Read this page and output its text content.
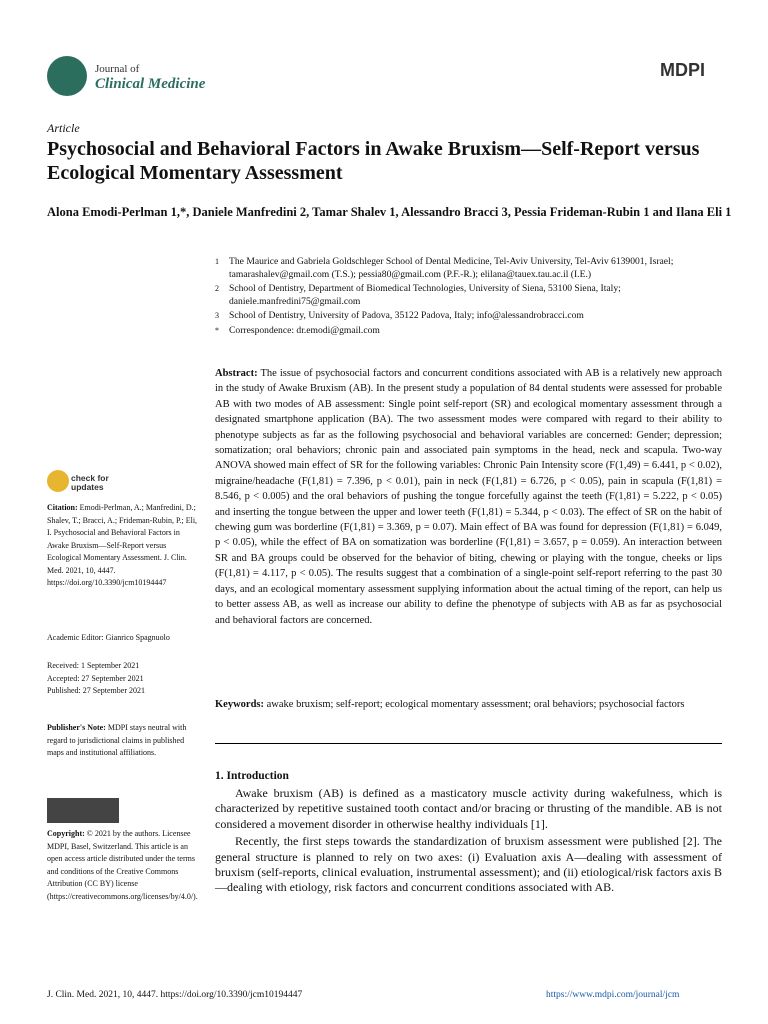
Journal of
Clinical Medicine
MDPI
Article
Psychosocial and Behavioral Factors in Awake Bruxism—Self-Report versus Ecological Momentary Assessment
Alona Emodi-Perlman 1,*, Daniele Manfredini 2, Tamar Shalev 1, Alessandro Bracci 3, Pessia Frideman-Rubin 1 and Ilana Eli 1
1	The Maurice and Gabriela Goldschleger School of Dental Medicine, Tel-Aviv University, Tel-Aviv 6139001, Israel; tamarashalev@gmail.com (T.S.); pessia80@gmail.com (P.F.-R.); elilana@tauex.tau.ac.il (I.E.)
2	School of Dentistry, Department of Biomedical Technologies, University of Siena, 53100 Siena, Italy; daniele.manfredini75@gmail.com
3	School of Dentistry, University of Padova, 35122 Padova, Italy; info@alessandrobracci.com
*	Correspondence: dr.emodi@gmail.com
Abstract: The issue of psychosocial factors and concurrent conditions associated with AB is a relatively new approach in the study of Awake Bruxism (AB). In the present study a population of 84 dental students were assessed for probable AB with two modes of AB assessment: Single point self-report (SR) and ecological momentary assessment through a designated smartphone application (BA). The two assessment modes were compared with regard to their ability to phenotype subjects as far as the following psychosocial and behavioral variables are concerned: Gender; depression; somatization; oral behaviors; chronic pain and associated pain symptoms in the head, neck and scapula. Two-way ANOVA showed main effect of SR for the following variables: Chronic Pain Intensity score (F(1,49) = 6.441, p < 0.02), migraine/headache (F(1,81) = 7.396, p < 0.01), pain in neck (F(1,81) = 6.726, p < 0.05), pain in scapula (F(1,81) = 8.546, p < 0.005) and the oral behaviors of pushing the tongue forcefully against the teeth (F(1,81) = 5.222, p < 0.05) and inserting the tongue between the upper and lower teeth (F(1,81) = 5.344, p < 0.03). The effect of SR on the habit of chewing gum was borderline (F(1,81) = 3.369, p = 0.07). Main effect of BA was found for depression (F(1,81) = 6.049, p < 0.05), while the effect of BA on somatization was borderline (F(1,81) = 3.657, p = 0.059). An interaction between SR and BA groups could be observed for the behavior of biting, chewing or playing with the tongue, cheeks or lips (F(1,81) = 4.117, p < 0.05). The results suggest that a combination of a single-point self-report referring to the past 30 days, and an ecological momentary assessment supplying information about the actual timing of the report, can help us to better assess AB, as well as increase our ability to define the phenotype of subjects with AB as far as psychosocial and behavioral factors are concerned.
Keywords: awake bruxism; self-report; ecological momentary assessment; oral behaviors; psychosocial factors
1. Introduction

Awake bruxism (AB) is defined as a masticatory muscle activity during wakefulness, which is characterized by repetitive sustained tooth contact and/or bracing or thrusting of the mandible. AB is not considered a movement disorder in otherwise healthy individuals [1].

Recently, the first steps towards the standardization of bruxism assessment were published [2]. The general structure is planned to rely on two axes: (i) Evaluation axis A—dealing with assessment of bruxism (self-reports, clinical evaluation, instrumental assessment); and (ii) etiological/risk factors axis B—dealing with etiology, risk factors and concurrent conditions associated with AB.

check for
updates
Citation: Emodi-Perlman, A.; Manfredini, D.; Shalev, T.; Bracci, A.; Frideman-Rubin, P.; Eli, I. Psychosocial and Behavioral Factors in Awake Bruxism—Self-Report versus Ecological Momentary Assessment. J. Clin. Med. 2021, 10, 4447. https://doi.org/10.3390/jcm10194447
Academic Editor: Gianrico Spagnuolo
Received: 1 September 2021
Accepted: 27 September 2021
Published: 27 September 2021
Publisher's Note: MDPI stays neutral with regard to jurisdictional claims in published maps and institutional affiliations.
Copyright: © 2021 by the authors. Licensee MDPI, Basel, Switzerland. This article is an open access article distributed under the terms and conditions of the Creative Commons Attribution (CC BY) license (https://creativecommons.org/licenses/by/4.0/).
J. Clin. Med. 2021, 10, 4447. https://doi.org/10.3390/jcm10194447	https://www.mdpi.com/journal/jcm
